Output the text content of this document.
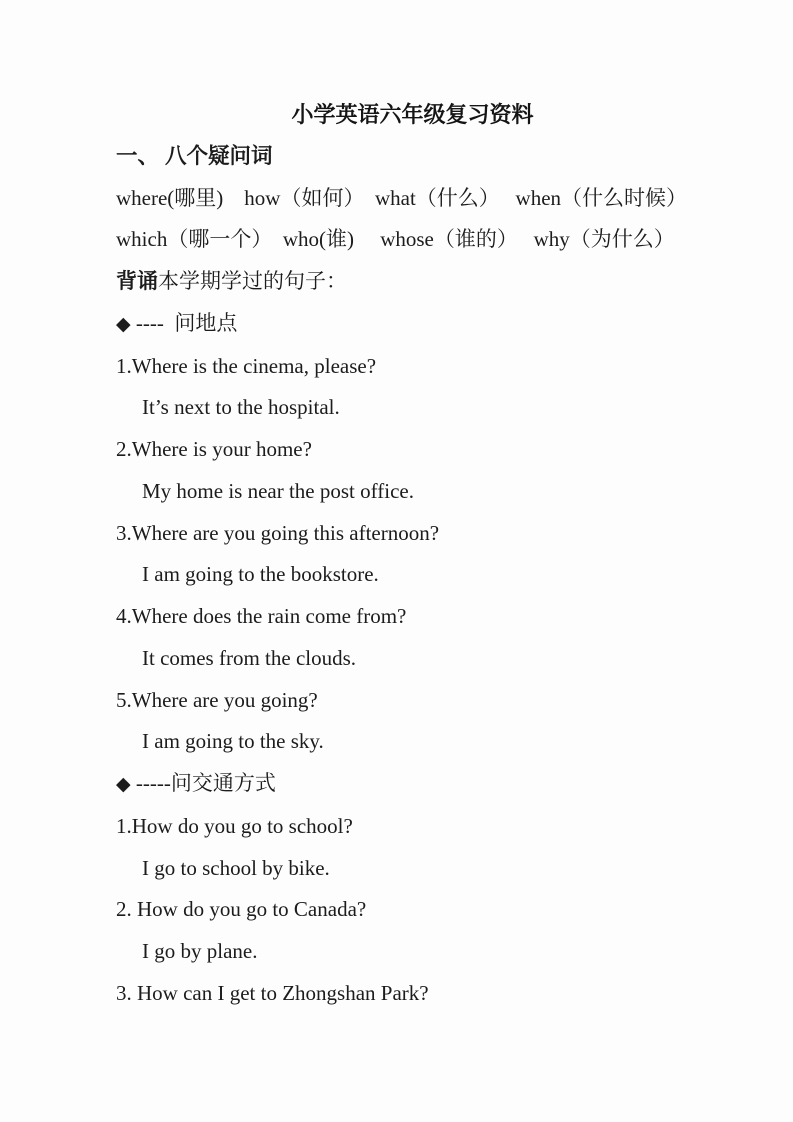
小学英语六年级复习资料

一、 八个疑问词

where(哪里)    how（如何）  what（什么）   when（什么时候）

which（哪一个）  who(谁)     whose（谁的）   why（为什么）

背诵本学期学过的句子：

◆ ----  问地点

1.Where is the cinema, please?

It’s next to the hospital.

2.Where is your home?

My home is near the post office.

3.Where are you going this afternoon?

I am going to the bookstore.

4.Where does the rain come from?

It comes from the clouds.

5.Where are you going?

I am going to the sky.

◆ -----问交通方式

1.How do you go to school?

I go to school by bike.

2. How do you go to Canada?

I go by plane.

3. How can I get to Zhongshan Park?
